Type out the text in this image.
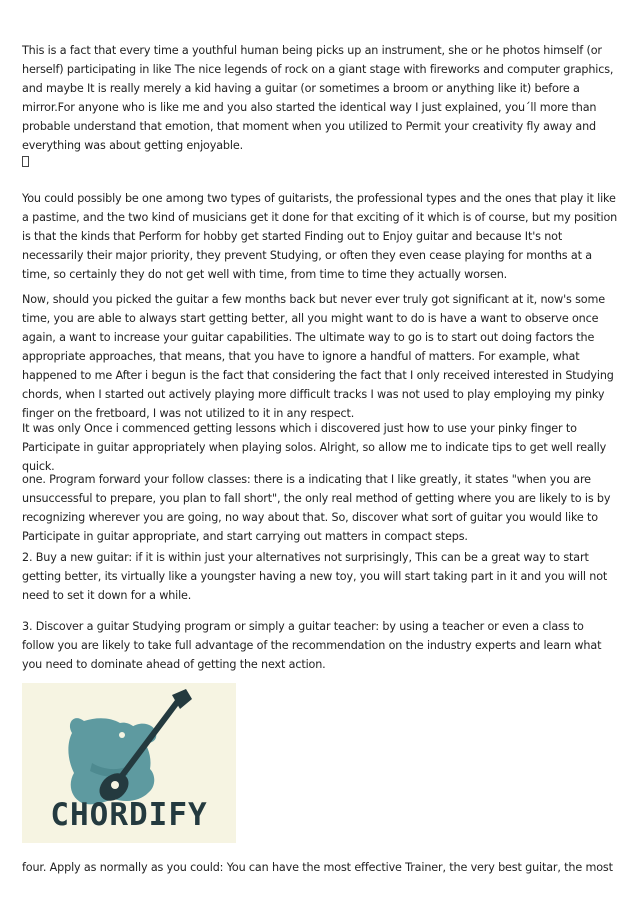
This is a fact that every time a youthful human being picks up an instrument, she or he photos himself (or herself) participating in like The nice legends of rock on a giant stage with fireworks and computer graphics, and maybe It is really merely a kid having a guitar (or sometimes a broom or anything like it) before a mirror.For anyone who is like me and you also started the identical way I just explained, you´ll more than probable understand that emotion, that moment when you utilized to Permit your creativity fly away and everything was about getting enjoyable.

You could possibly be one among two types of guitarists, the professional types and the ones that play it like a pastime, and the two kind of musicians get it done for that exciting of it which is of course, but my position is that the kinds that Perform for hobby get started Finding out to Enjoy guitar and because It's not necessarily their major priority, they prevent Studying, or often they even cease playing for months at a time, so certainly they do not get well with time, from time to time they actually worsen.

Now, should you picked the guitar a few months back but never ever truly got significant at it, now's some time, you are able to always start getting better, all you might want to do is have a want to observe once again, a want to increase your guitar capabilities. The ultimate way to go is to start out doing factors the appropriate approaches, that means, that you have to ignore a handful of matters. For example, what happened to me After i begun is the fact that considering the fact that I only received interested in Studying chords, when I started out actively playing more difficult tracks I was not used to play employing my pinky finger on the fretboard, I was not utilized to it in any respect.

It was only Once i commenced getting lessons which i discovered just how to use your pinky finger to Participate in guitar appropriately when playing solos. Alright, so allow me to indicate tips to get well really quick.

one. Program forward your follow classes: there is a indicating that I like greatly, it states "when you are unsuccessful to prepare, you plan to fall short", the only real method of getting where you are likely to is by recognizing wherever you are going, no way about that. So, discover what sort of guitar you would like to Participate in guitar appropriate, and start carrying out matters in compact steps.

2. Buy a new guitar: if it is within just your alternatives not surprisingly, This can be a great way to start getting better, its virtually like a youngster having a new toy, you will start taking part in it and you will not need to set it down for a while.

3. Discover a guitar Studying program or simply a guitar teacher: by using a teacher or even a class to follow you are likely to take full advantage of the recommendation on the industry experts and learn what you need to dominate ahead of getting the next action.

CHORDIFY

four. Apply as normally as you could: You can have the most effective Trainer, the very best guitar, the most
